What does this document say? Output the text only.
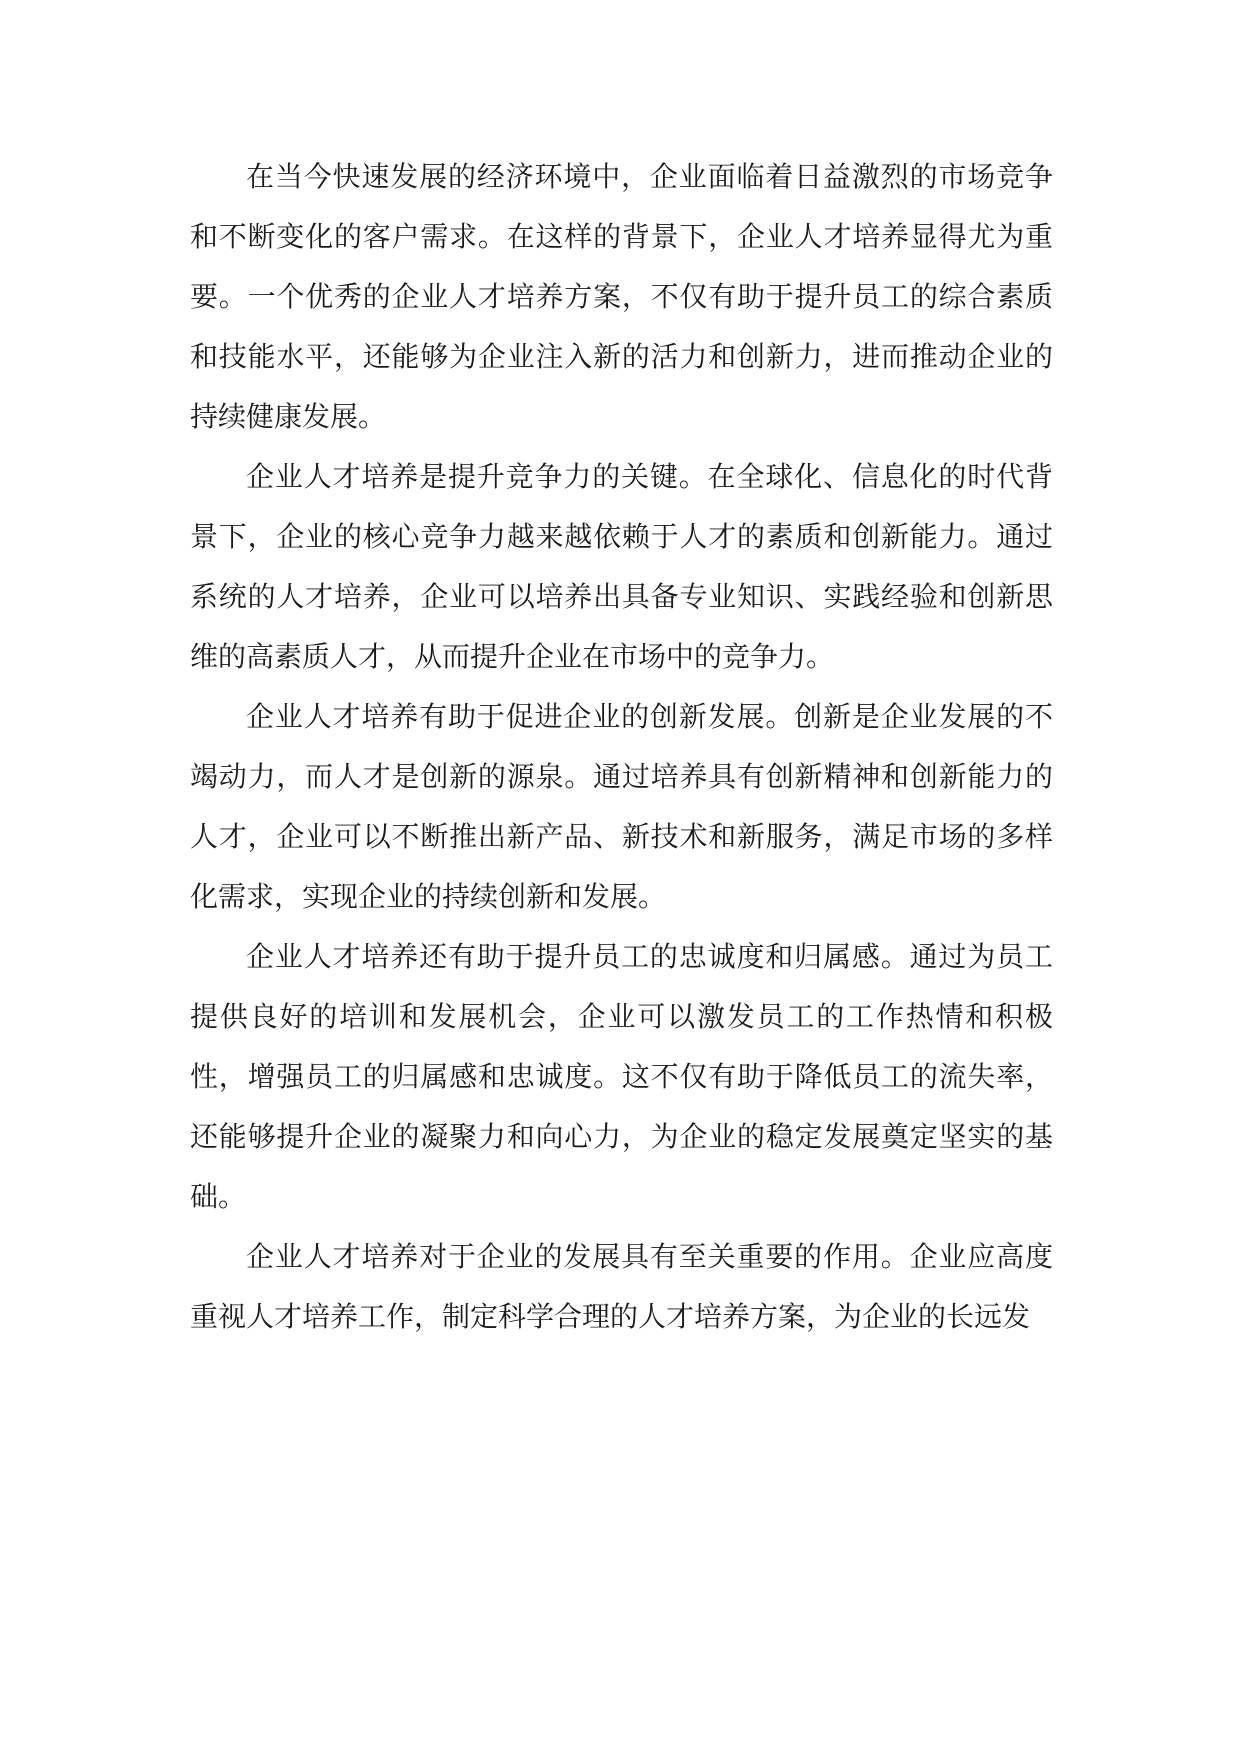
在当今快速发展的经济环境中，企业面临着日益激烈的市场竞争和不断变化的客户需求。在这样的背景下，企业人才培养显得尤为重要。一个优秀的企业人才培养方案，不仅有助于提升员工的综合素质和技能水平，还能够为企业注入新的活力和创新力，进而推动企业的持续健康发展。

企业人才培养是提升竞争力的关键。在全球化、信息化的时代背景下，企业的核心竞争力越来越依赖于人才的素质和创新能力。通过系统的人才培养，企业可以培养出具备专业知识、实践经验和创新思维的高素质人才，从而提升企业在市场中的竞争力。

企业人才培养有助于促进企业的创新发展。创新是企业发展的不竭动力，而人才是创新的源泉。通过培养具有创新精神和创新能力的人才，企业可以不断推出新产品、新技术和新服务，满足市场的多样化需求，实现企业的持续创新和发展。

企业人才培养还有助于提升员工的忠诚度和归属感。通过为员工提供良好的培训和发展机会，企业可以激发员工的工作热情和积极性，增强员工的归属感和忠诚度。这不仅有助于降低员工的流失率，还能够提升企业的凝聚力和向心力，为企业的稳定发展奠定坚实的基础。

企业人才培养对于企业的发展具有至关重要的作用。企业应高度重视人才培养工作，制定科学合理的人才培养方案，为企业的长远发
